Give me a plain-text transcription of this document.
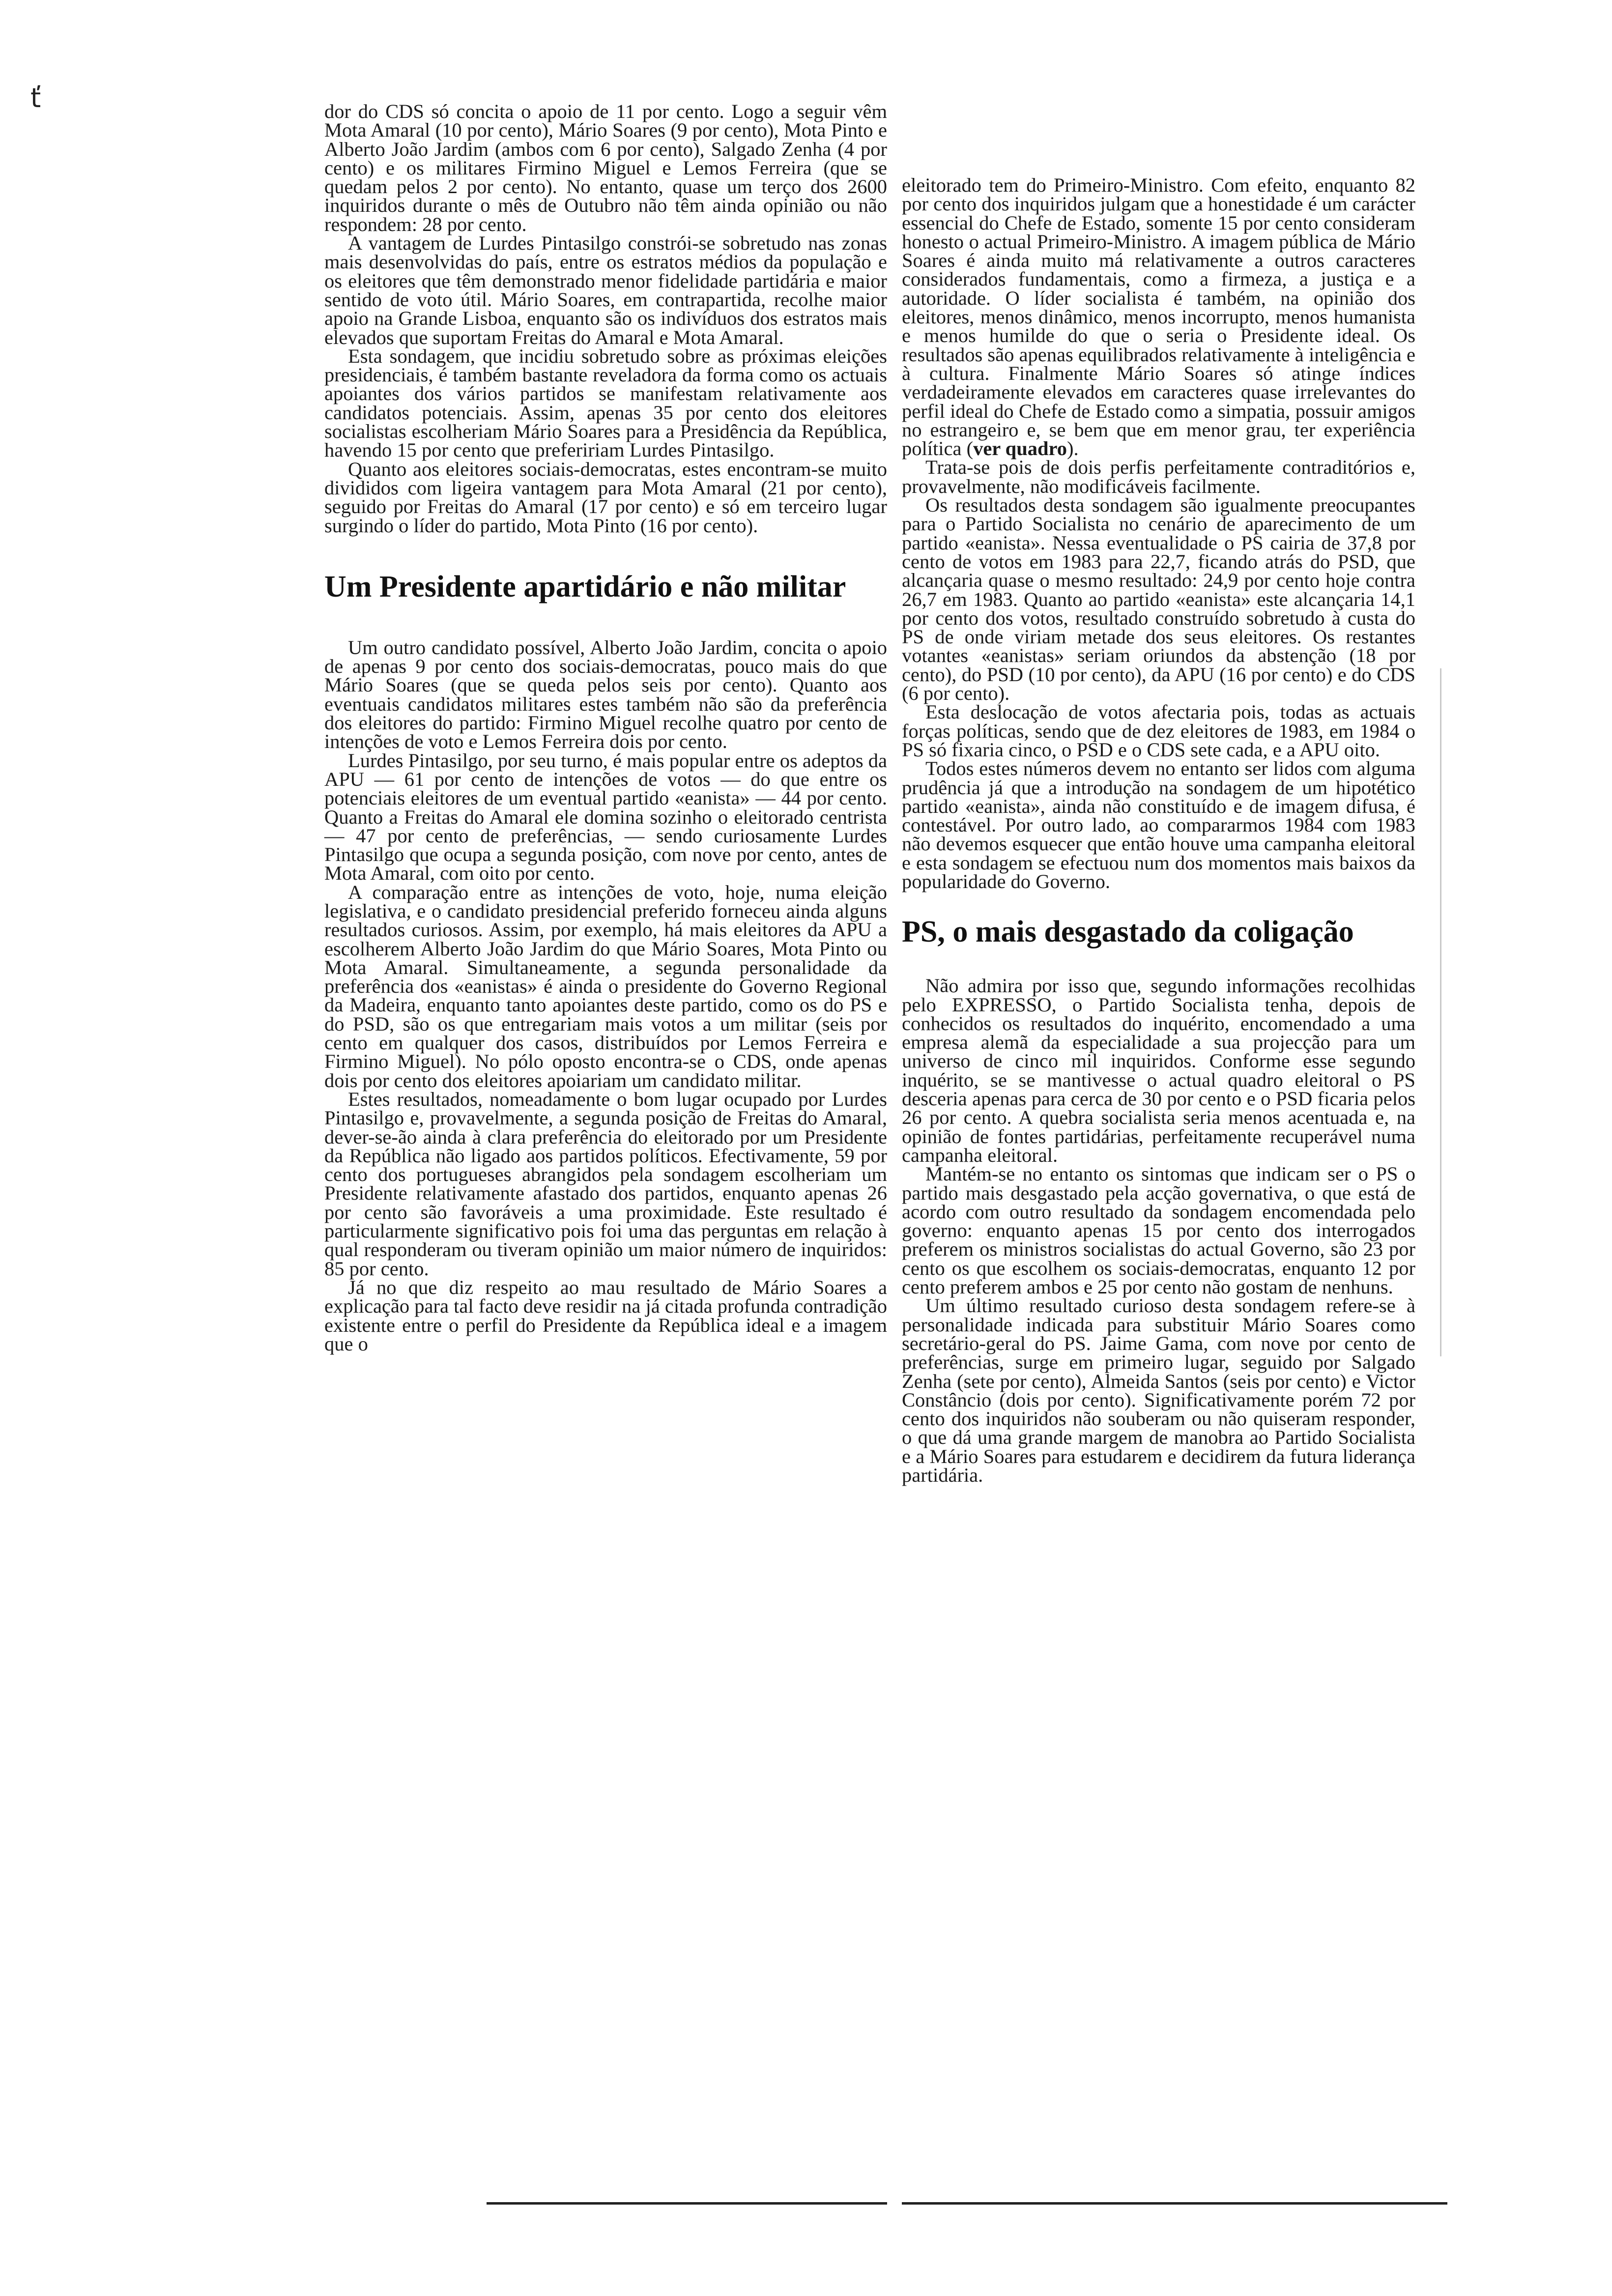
ť	dor do CDS só concita o apoio de 11 por cento. Logo a seguir vêm Mota Amaral (10 por cento), Mário Soares (9 por cento), Mota Pinto e Alberto João Jardim (ambos com 6 por cento), Salgado Zenha (4 por cento) e os militares Firmino Miguel e Lemos Ferreira (que se quedam pelos 2 por cento). No entanto, quase um terço dos 2600 inquiridos durante o mês de Outubro não têm ainda opinião ou não respondem: 28 por cento.

A vantagem de Lurdes Pintasilgo constrói-se sobretudo nas zonas mais desenvolvidas do país, entre os estratos médios da população e os eleitores que têm demonstrado menor fidelidade partidária e maior sentido de voto útil. Mário Soares, em contrapartida, recolhe maior apoio na Grande Lisboa, enquanto são os indivíduos dos estratos mais elevados que suportam Freitas do Amaral e Mota Amaral.

Esta sondagem, que incidiu sobretudo sobre as próximas eleições presidenciais, é também bastante reveladora da forma como os actuais apoiantes dos vários partidos se manifestam relativamente aos candidatos potenciais. Assim, apenas 35 por cento dos eleitores socialistas escolheriam Mário Soares para a Presidência da República, havendo 15 por cento que prefeririam Lurdes Pintasilgo.

Quanto aos eleitores sociais-democratas, estes encontram-se muito divididos com ligeira vantagem para Mota Amaral (21 por cento), seguido por Freitas do Amaral (17 por cento) e só em terceiro lugar surgindo o líder do partido, Mota Pinto (16 por cento).

Um Presidente apartidário e não militar

Um outro candidato possível, Alberto João Jardim, concita o apoio de apenas 9 por cento dos sociais-democratas, pouco mais do que Mário Soares (que se queda pelos seis por cento). Quanto aos eventuais candidatos militares estes também não são da preferência dos eleitores do partido: Firmino Miguel recolhe quatro por cento de intenções de voto e Lemos Ferreira dois por cento.

Lurdes Pintasilgo, por seu turno, é mais popular entre os adeptos da APU — 61 por cento de intenções de votos — do que entre os potenciais eleitores de um eventual partido «eanista» — 44 por cento. Quanto a Freitas do Amaral ele domina sozinho o eleitorado centrista — 47 por cento de preferências, — sendo curiosamente Lurdes Pintasilgo que ocupa a segunda posição, com nove por cento, antes de Mota Amaral, com oito por cento.

A comparação entre as intenções de voto, hoje, numa eleição legislativa, e o candidato presidencial preferido forneceu ainda alguns resultados curiosos. Assim, por exemplo, há mais eleitores da APU a escolherem Alberto João Jardim do que Mário Soares, Mota Pinto ou Mota Amaral. Simultaneamente, a segunda personalidade da preferência dos «eanistas» é ainda o presidente do Governo Regional da Madeira, enquanto tanto apoiantes deste partido, como os do PS e do PSD, são os que entregariam mais votos a um militar (seis por cento em qualquer dos casos, distribuídos por Lemos Ferreira e Firmino Miguel). No pólo oposto encontra-se o CDS, onde apenas dois por cento dos eleitores apoiariam um candidato militar.

Estes resultados, nomeadamente o bom lugar ocupado por Lurdes Pintasilgo e, provavelmente, a segunda posição de Freitas do Amaral, dever-se-ão ainda à clara preferência do eleitorado por um Presidente da República não ligado aos partidos políticos. Efectivamente, 59 por cento dos portugueses abrangidos pela sondagem escolheriam um Presidente relativamente afastado dos partidos, enquanto apenas 26 por cento são favoráveis a uma proximidade. Este resultado é particularmente significativo pois foi uma das perguntas em relação à qual responderam ou tiveram opinião um maior número de inquiridos: 85 por cento.

Já no que diz respeito ao mau resultado de Mário Soares a explicação para tal facto deve residir na já citada profunda contradição existente entre o perfil do Presidente da República ideal e a imagem que o

eleitorado tem do Primeiro-Ministro. Com efeito, enquanto 82 por cento dos inquiridos julgam que a honestidade é um carácter essencial do Chefe de Estado, somente 15 por cento consideram honesto o actual Primeiro-Ministro. A imagem pública de Mário Soares é ainda muito má relativamente a outros caracteres considerados fundamentais, como a firmeza, a justiça e a autoridade. O líder socialista é também, na opinião dos eleitores, menos dinâmico, menos incorrupto, menos humanista e menos humilde do que o seria o Presidente ideal. Os resultados são apenas equilibrados relativamente à inteligência e à cultura. Finalmente Mário Soares só atinge índices verdadeiramente elevados em caracteres quase irrelevantes do perfil ideal do Chefe de Estado como a simpatia, possuir amigos no estrangeiro e, se bem que em menor grau, ter experiência política (ver quadro).

Trata-se pois de dois perfis perfeitamente contraditórios e, provavelmente, não modificáveis facilmente.

Os resultados desta sondagem são igualmente preocupantes para o Partido Socialista no cenário de aparecimento de um partido «eanista». Nessa eventualidade o PS cairia de 37,8 por cento de votos em 1983 para 22,7, ficando atrás do PSD, que alcançaria quase o mesmo resultado: 24,9 por cento hoje contra 26,7 em 1983. Quanto ao partido «eanista» este alcançaria 14,1 por cento dos votos, resultado construído sobretudo à custa do PS de onde viriam metade dos seus eleitores. Os restantes votantes «eanistas» seriam oriundos da abstenção (18 por cento), do PSD (10 por cento), da APU (16 por cento) e do CDS (6 por cento).

Esta deslocação de votos afectaria pois, todas as actuais forças políticas, sendo que de dez eleitores de 1983, em 1984 o PS só fixaria cinco, o PSD e o CDS sete cada, e a APU oito.

Todos estes números devem no entanto ser lidos com alguma prudência já que a introdução na sondagem de um hipotético partido «eanista», ainda não constituído e de imagem difusa, é contestável. Por outro lado, ao compararmos 1984 com 1983 não devemos esquecer que então houve uma campanha eleitoral e esta sondagem se efectuou num dos momentos mais baixos da popularidade do Governo.

PS, o mais desgastado da coligação

Não admira por isso que, segundo informações recolhidas pelo EXPRESSO, o Partido Socialista tenha, depois de conhecidos os resultados do inquérito, encomendado a uma empresa alemã da especialidade a sua projecção para um universo de cinco mil inquiridos. Conforme esse segundo inquérito, se se mantivesse o actual quadro eleitoral o PS desceria apenas para cerca de 30 por cento e o PSD ficaria pelos 26 por cento. A quebra socialista seria menos acentuada e, na opinião de fontes partidárias, perfeitamente recuperável numa campanha eleitoral.

Mantém-se no entanto os sintomas que indicam ser o PS o partido mais desgastado pela acção governativa, o que está de acordo com outro resultado da sondagem encomendada pelo governo: enquanto apenas 15 por cento dos interrogados preferem os ministros socialistas do actual Governo, são 23 por cento os que escolhem os sociais-democratas, enquanto 12 por cento preferem ambos e 25 por cento não gostam de nenhuns.

Um último resultado curioso desta sondagem refere-se à personalidade indicada para substituir Mário Soares como secretário-geral do PS. Jaime Gama, com nove por cento de preferências, surge em primeiro lugar, seguido por Salgado Zenha (sete por cento), Almeida Santos (seis por cento) e Victor Constâncio (dois por cento). Significativamente porém 72 por cento dos inquiridos não souberam ou não quiseram responder, o que dá uma grande margem de manobra ao Partido Socialista e a Mário Soares para estudarem e decidirem da futura liderança partidária.
